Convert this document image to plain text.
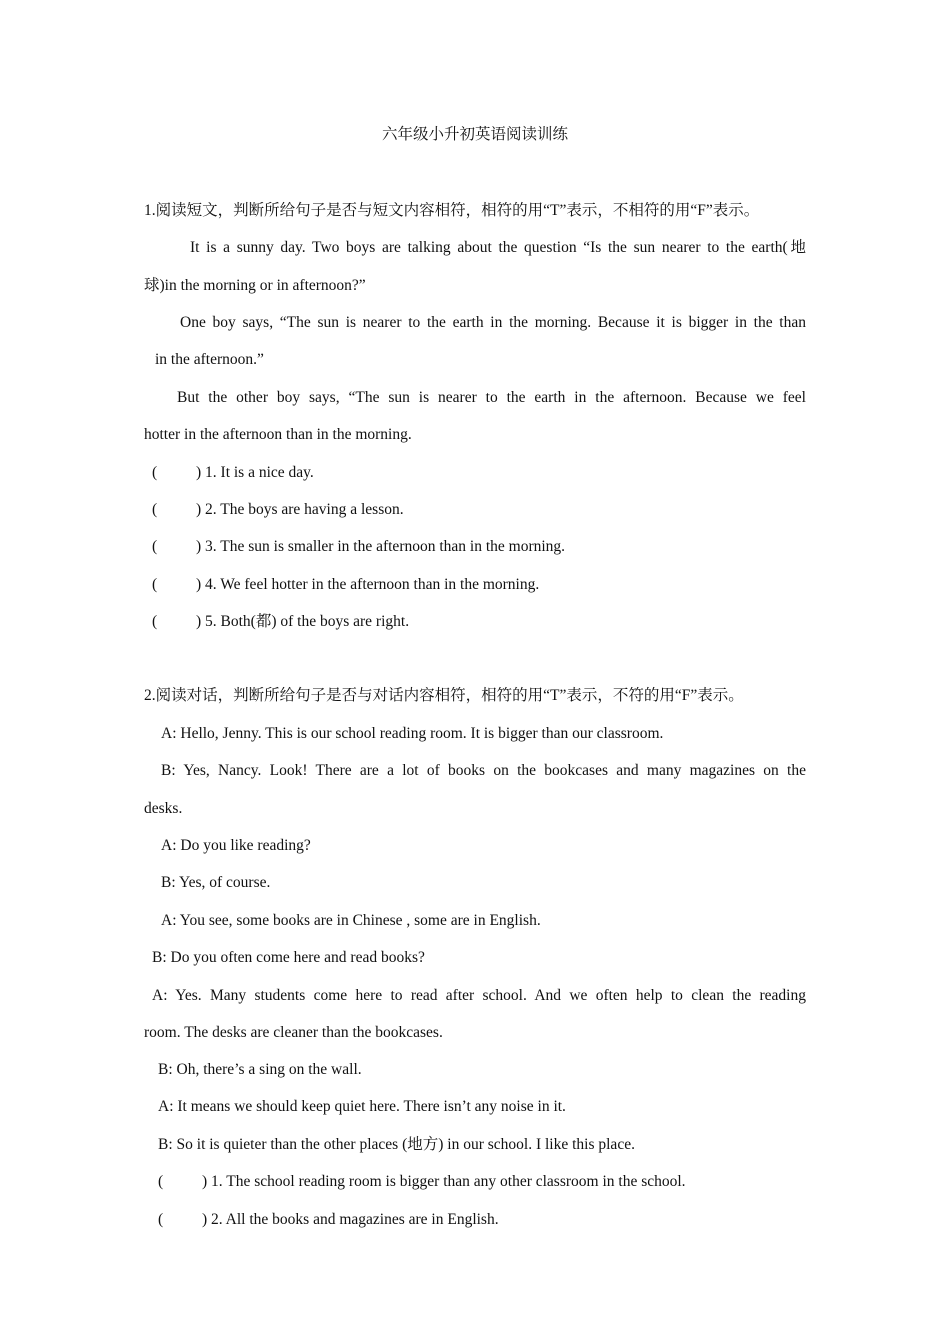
六年级小升初英语阅读训练
1.阅读短文，判断所给句子是否与短文内容相符，相符的用“T”表示，不相符的用“F”表示。
It is a sunny day. Two boys are talking about the question “Is the sun nearer to the earth(地
球)in the morning or in afternoon?”
One boy says, “The sun is nearer to the earth in the morning. Because it is bigger in the than
in the afternoon.”
But the other boy says, “The sun is nearer to the earth in the afternoon. Because we feel
hotter in the afternoon than in the morning.
(	) 1. It is a nice day.
(	) 2. The boys are having a lesson.
(	) 3. The sun is smaller in the afternoon than in the morning.
(	) 4. We feel hotter in the afternoon than in the morning.
(	) 5. Both(都) of the boys are right.
2.阅读对话，判断所给句子是否与对话内容相符，相符的用“T”表示，不符的用“F”表示。
A: Hello, Jenny. This is our school reading room. It is bigger than our classroom.
B: Yes, Nancy. Look! There are a lot of books on the bookcases and many magazines on the
desks.
A: Do you like reading?
B: Yes, of course.
A: You see, some books are in Chinese , some are in English.
B: Do you often come here and read books?
A: Yes. Many students come here to read after school. And we often help to clean the reading
room. The desks are cleaner than the bookcases.
B: Oh, there’s a sing on the wall.
A: It means we should keep quiet here. There isn’t any noise in it.
B: So it is quieter than the other places (地方) in our school. I like this place.
(	) 1. The school reading room is bigger than any other classroom in the school.
(	) 2. All the books and magazines are in English.
